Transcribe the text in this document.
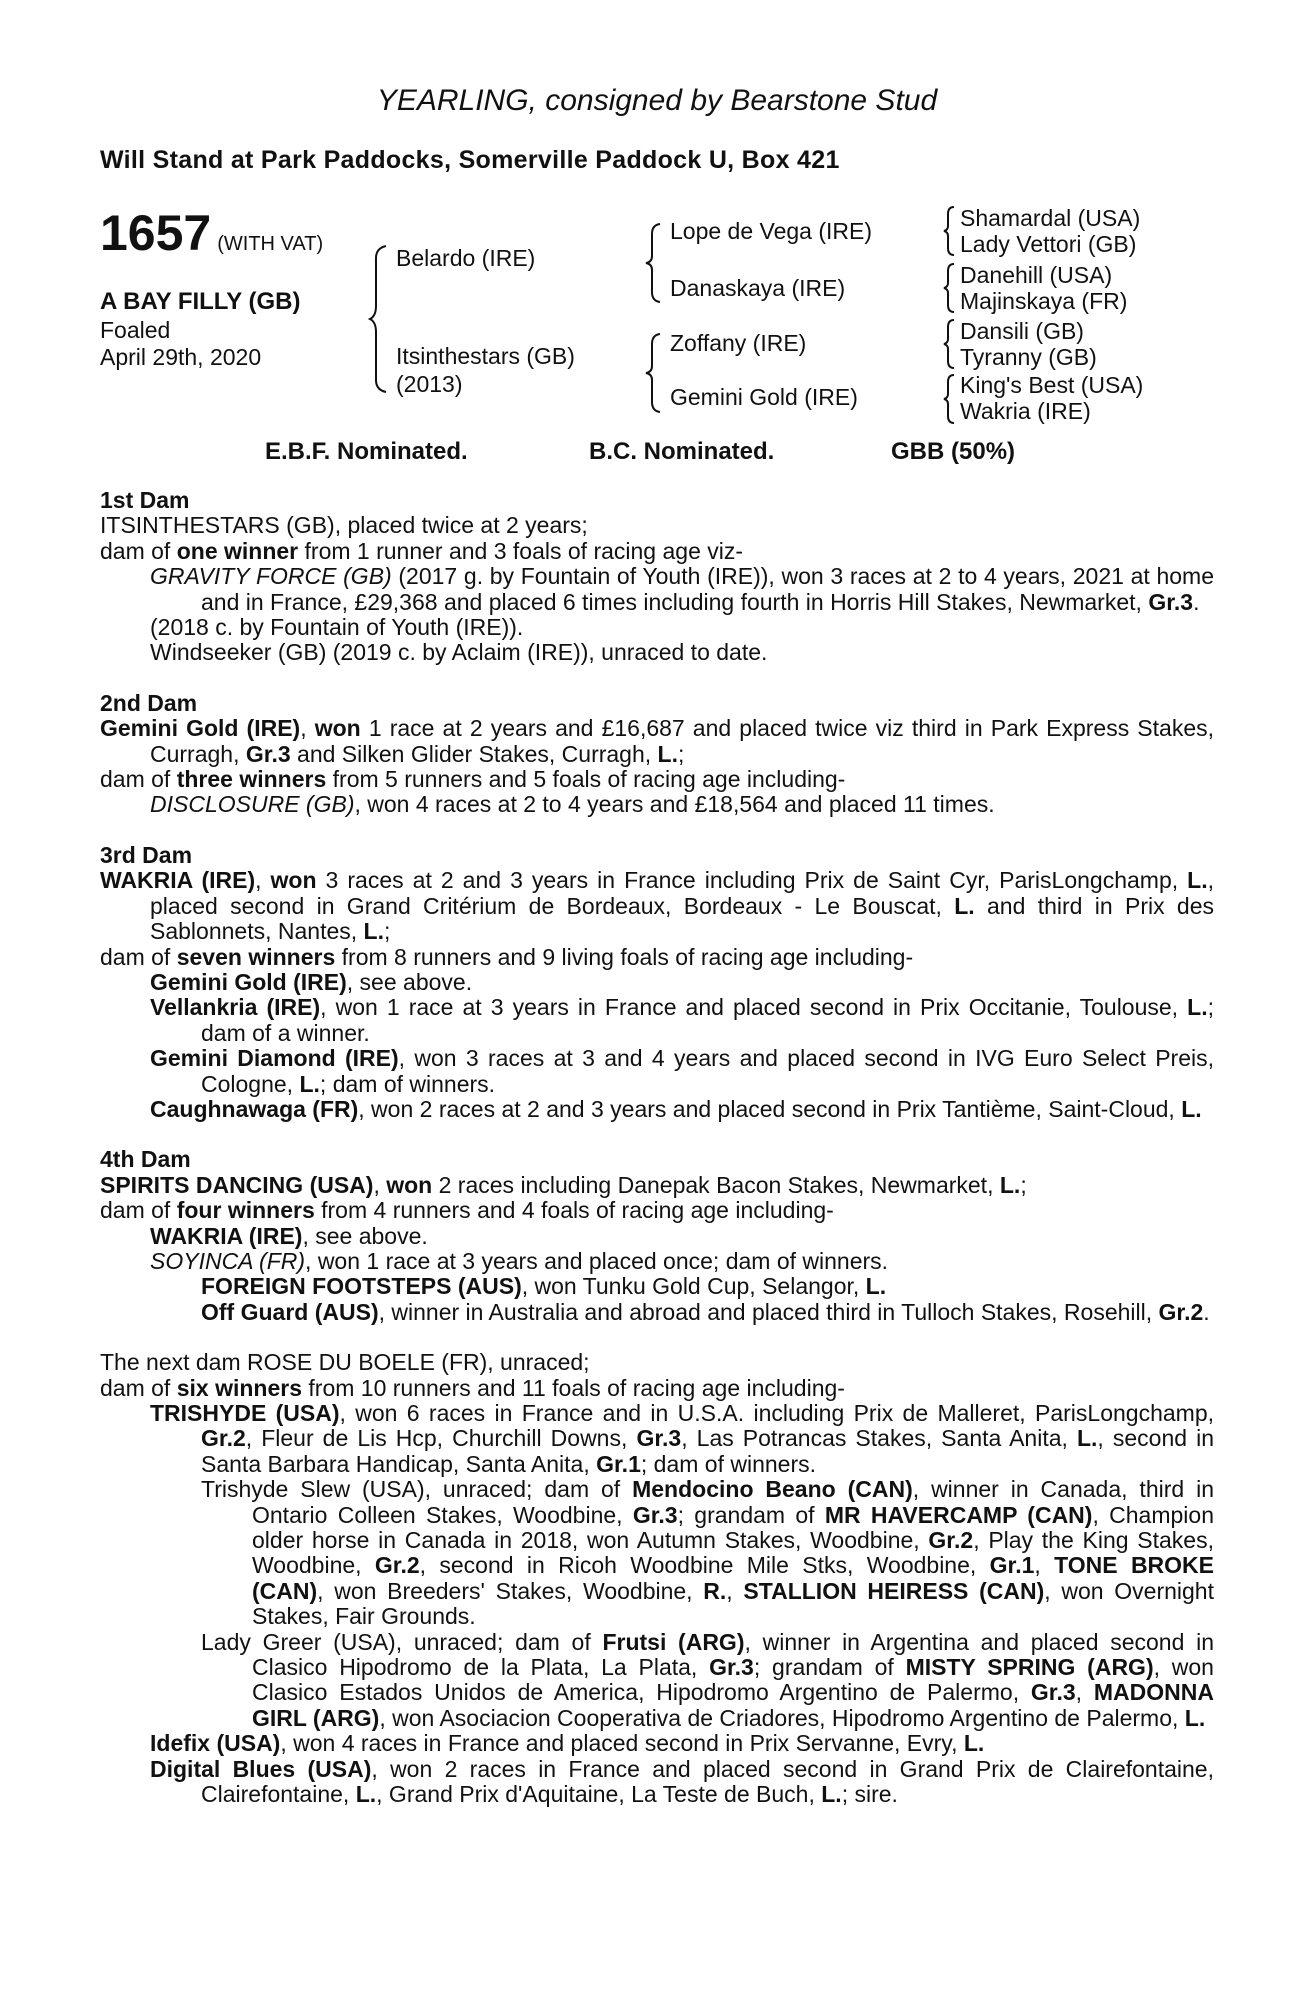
YEARLING, consigned by Bearstone Stud
Will Stand at Park Paddocks, Somerville Paddock U, Box 421
1657 (WITH VAT)
A BAY FILLY (GB)
Foaled
April 29th, 2020
Belardo (IRE)
Itsinthestars (GB)
(2013)
Lope de Vega (IRE)
Danaskaya (IRE)
Zoffany (IRE)
Gemini Gold (IRE)
Shamardal (USA)
Lady Vettori (GB)
Danehill (USA)
Majinskaya (FR)
Dansili (GB)
Tyranny (GB)
King's Best (USA)
Wakria (IRE)
E.B.F. Nominated.	B.C. Nominated.	GBB (50%)

1st Dam

ITSINTHESTARS (GB), placed twice at 2 years;

dam of one winner from 1 runner and 3 foals of racing age viz-

GRAVITY FORCE (GB) (2017 g. by Fountain of Youth (IRE)), won 3 races at 2 to 4 years, 2021 at home and in France, £29,368 and placed 6 times including fourth in Horris Hill Stakes, Newmarket, Gr.3.

(2018 c. by Fountain of Youth (IRE)).

Windseeker (GB) (2019 c. by Aclaim (IRE)), unraced to date.

2nd Dam

Gemini Gold (IRE), won 1 race at 2 years and £16,687 and placed twice viz third in Park Express Stakes, Curragh, Gr.3 and Silken Glider Stakes, Curragh, L.;

dam of three winners from 5 runners and 5 foals of racing age including-

DISCLOSURE (GB), won 4 races at 2 to 4 years and £18,564 and placed 11 times.

3rd Dam

WAKRIA (IRE), won 3 races at 2 and 3 years in France including Prix de Saint Cyr, ParisLongchamp, L., placed second in Grand Critérium de Bordeaux, Bordeaux - Le Bouscat, L. and third in Prix des Sablonnets, Nantes, L.;

dam of seven winners from 8 runners and 9 living foals of racing age including-

Gemini Gold (IRE), see above.

Vellankria (IRE), won 1 race at 3 years in France and placed second in Prix Occitanie, Toulouse, L.; dam of a winner.

Gemini Diamond (IRE), won 3 races at 3 and 4 years and placed second in IVG Euro Select Preis, Cologne, L.; dam of winners.

Caughnawaga (FR), won 2 races at 2 and 3 years and placed second in Prix Tantième, Saint-Cloud, L.

4th Dam

SPIRITS DANCING (USA), won 2 races including Danepak Bacon Stakes, Newmarket, L.;

dam of four winners from 4 runners and 4 foals of racing age including-

WAKRIA (IRE), see above.

SOYINCA (FR), won 1 race at 3 years and placed once; dam of winners.

FOREIGN FOOTSTEPS (AUS), won Tunku Gold Cup, Selangor, L.

Off Guard (AUS), winner in Australia and abroad and placed third in Tulloch Stakes, Rosehill, Gr.2.

The next dam ROSE DU BOELE (FR), unraced;

dam of six winners from 10 runners and 11 foals of racing age including-

TRISHYDE (USA), won 6 races in France and in U.S.A. including Prix de Malleret, ParisLongchamp, Gr.2, Fleur de Lis Hcp, Churchill Downs, Gr.3, Las Potrancas Stakes, Santa Anita, L., second in Santa Barbara Handicap, Santa Anita, Gr.1; dam of winners.

Trishyde Slew (USA), unraced; dam of Mendocino Beano (CAN), winner in Canada, third in Ontario Colleen Stakes, Woodbine, Gr.3; grandam of MR HAVERCAMP (CAN), Champion older horse in Canada in 2018, won Autumn Stakes, Woodbine, Gr.2, Play the King Stakes, Woodbine, Gr.2, second in Ricoh Woodbine Mile Stks, Woodbine, Gr.1, TONE BROKE (CAN), won Breeders' Stakes, Woodbine, R., STALLION HEIRESS (CAN), won Overnight Stakes, Fair Grounds.

Lady Greer (USA), unraced; dam of Frutsi (ARG), winner in Argentina and placed second in Clasico Hipodromo de la Plata, La Plata, Gr.3; grandam of MISTY SPRING (ARG), won Clasico Estados Unidos de America, Hipodromo Argentino de Palermo, Gr.3, MADONNA GIRL (ARG), won Asociacion Cooperativa de Criadores, Hipodromo Argentino de Palermo, L.

Idefix (USA), won 4 races in France and placed second in Prix Servanne, Evry, L.

Digital Blues (USA), won 2 races in France and placed second in Grand Prix de Clairefontaine, Clairefontaine, L., Grand Prix d'Aquitaine, La Teste de Buch, L.; sire.
